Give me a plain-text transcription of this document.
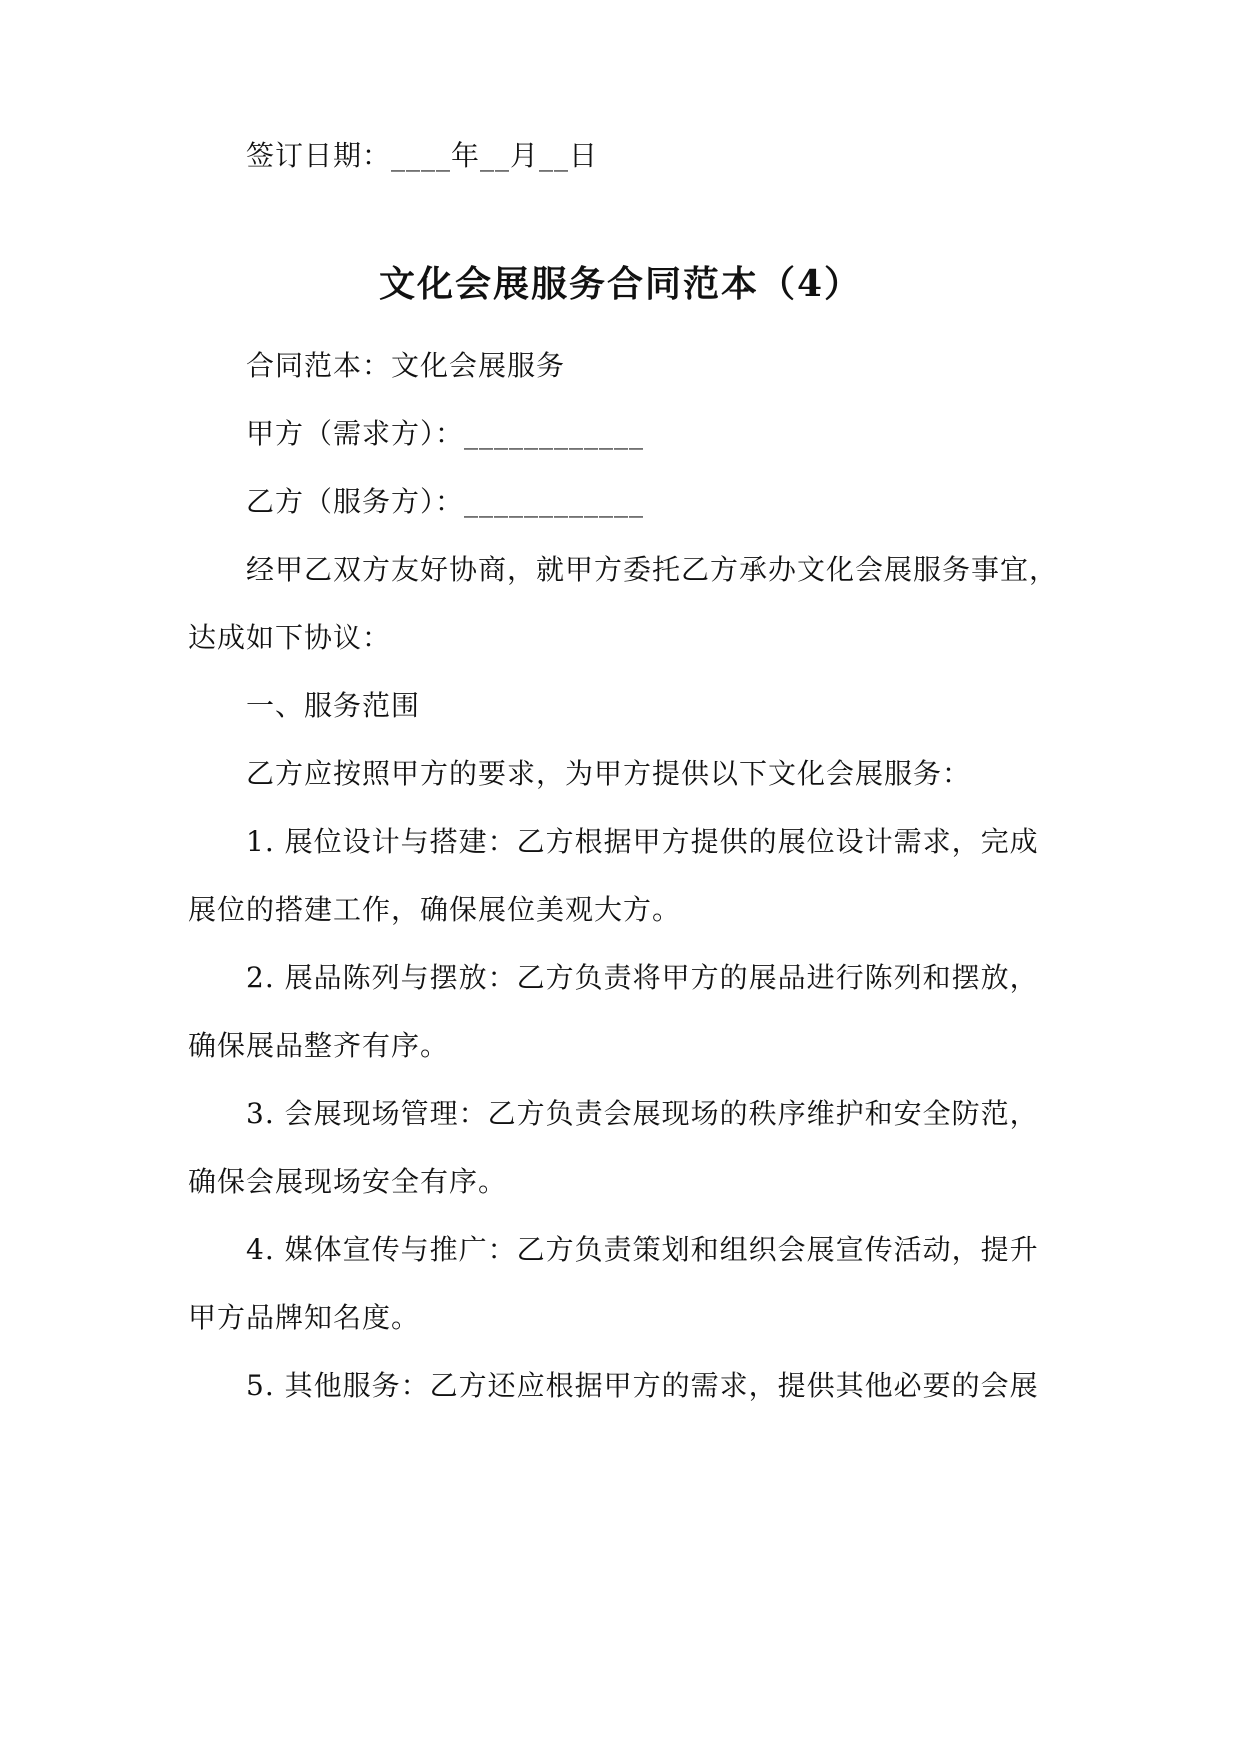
签订日期：____年__月__日
文化会展服务合同范本（4）
合同范本：文化会展服务
甲方（需求方）：____________
乙方（服务方）：____________
经甲乙双方友好协商，就甲方委托乙方承办文化会展服务事宜，
达成如下协议：
一、服务范围
乙方应按照甲方的要求，为甲方提供以下文化会展服务：
1. 展位设计与搭建：乙方根据甲方提供的展位设计需求，完成
展位的搭建工作，确保展位美观大方。
2. 展品陈列与摆放：乙方负责将甲方的展品进行陈列和摆放，
确保展品整齐有序。
3. 会展现场管理：乙方负责会展现场的秩序维护和安全防范，
确保会展现场安全有序。
4. 媒体宣传与推广：乙方负责策划和组织会展宣传活动，提升
甲方品牌知名度。
5. 其他服务：乙方还应根据甲方的需求，提供其他必要的会展
